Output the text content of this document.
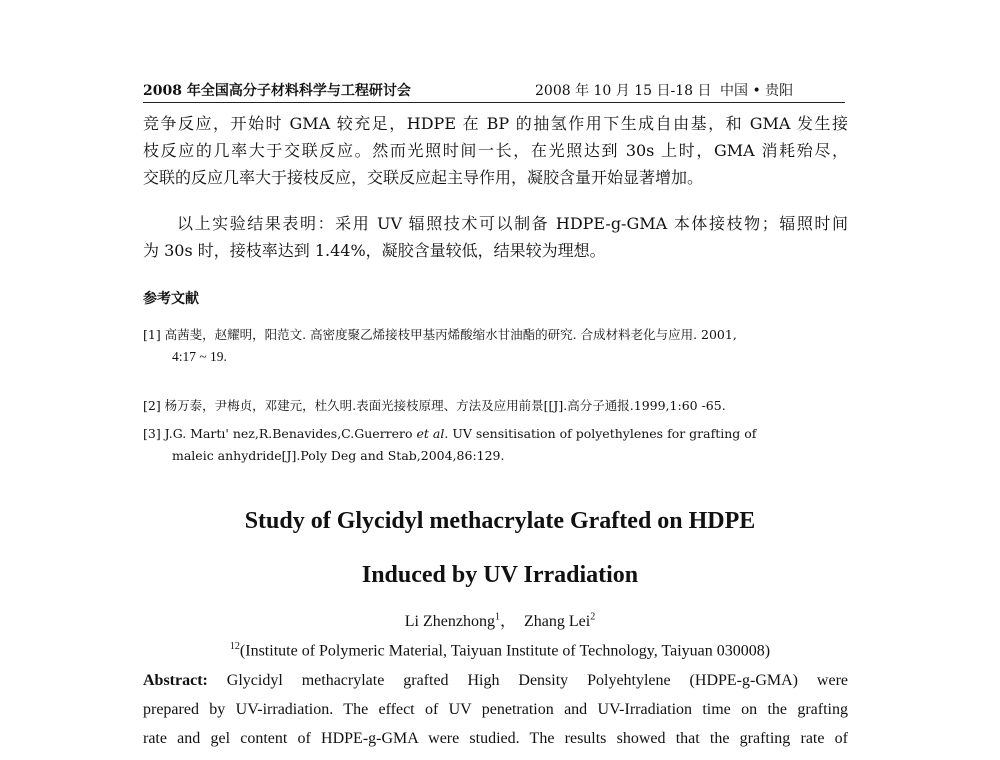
2008 年全国高分子材料科学与工程研讨会	2008 年 10 月 15 日-18 日 中国 • 贵阳
竞争反应，开始时 GMA 较充足，HDPE 在 BP 的抽氢作用下生成自由基，和 GMA 发生接
枝反应的几率大于交联反应。然而光照时间一长，在光照达到 30s 上时，GMA 消耗殆尽，
交联的反应几率大于接枝反应，交联反应起主导作用，凝胶含量开始显著增加。
以上实验结果表明：采用 UV 辐照技术可以制备 HDPE-g-GMA 本体接枝物；辐照时间
为 30s 时，接枝率达到 1.44%，凝胶含量较低，结果较为理想。
参考文献
[1] 高茜斐，赵耀明，阳范文. 高密度聚乙烯接枝甲基丙烯酸缩水甘油酯的研究. 合成材料老化与应用. 2001,
4:17 ~ 19.
[2] 杨万泰，尹梅贞，邓建元，杜久明.表面光接枝原理、方法及应用前景[[J].高分子通报.1999,1:60 -65.
[3] J.G. Martı' nez,R.Benavides,C.Guerrero et al. UV sensitisation of polyethylenes for grafting of
maleic anhydride[J].Poly Deg and Stab,2004,86:129.
Study of Glycidyl methacrylate Grafted on HDPE
Induced by UV Irradiation
Li Zhenzhong$^1$， Zhang Lei$^2$
$^{12}$(Institute of Polymeric Material, Taiyuan Institute of Technology, Taiyuan 030008)
Abstract: Glycidyl methacrylate grafted High Density Polyehtylene (HDPE-g-GMA) were
prepared by UV-irradiation. The effect of UV penetration and UV-Irradiation time on the grafting
rate and gel content of HDPE-g-GMA were studied. The results showed that the grafting rate of
